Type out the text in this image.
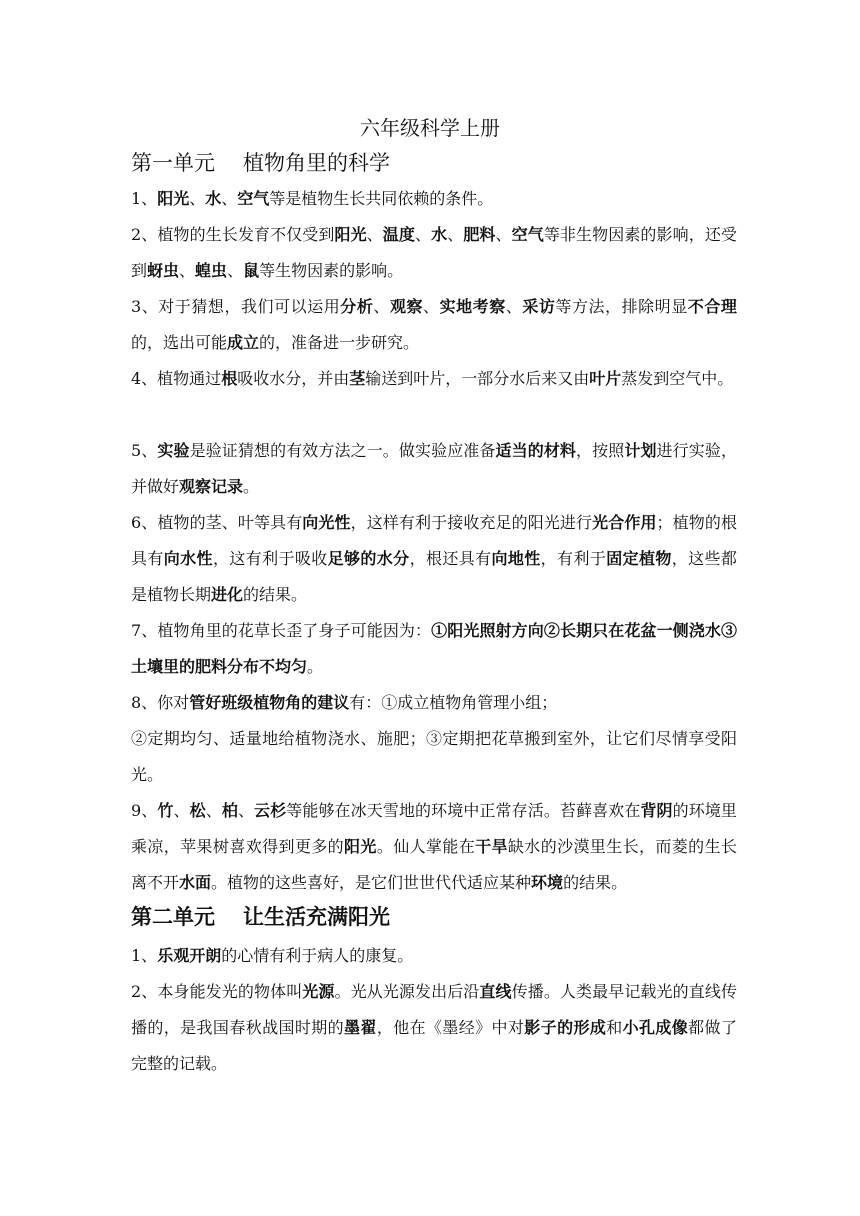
六年级科学上册
第一单元 植物角里的科学
1、阳光、水、空气等是植物生长共同依赖的条件。
2、植物的生长发育不仅受到阳光、温度、水、肥料、空气等非生物因素的影响，还受到蚜虫、蝗虫、鼠等生物因素的影响。
3、对于猜想，我们可以运用分析、观察、实地考察、采访等方法，排除明显不合理的，选出可能成立的，准备进一步研究。
4、植物通过根吸收水分，并由茎输送到叶片，一部分水后来又由叶片蒸发到空气中。
5、实验是验证猜想的有效方法之一。做实验应准备适当的材料，按照计划进行实验，并做好观察记录。
6、植物的茎、叶等具有向光性，这样有利于接收充足的阳光进行光合作用；植物的根具有向水性，这有利于吸收足够的水分，根还具有向地性，有利于固定植物，这些都是植物长期进化的结果。
7、植物角里的花草长歪了身子可能因为：①阳光照射方向②长期只在花盆一侧浇水③土壤里的肥料分布不均匀。
8、你对管好班级植物角的建议有：①成立植物角管理小组；
②定期均匀、适量地给植物浇水、施肥；③定期把花草搬到室外，让它们尽情享受阳光。
9、竹、松、柏、云杉等能够在冰天雪地的环境中正常存活。苔藓喜欢在背阴的环境里乘凉，苹果树喜欢得到更多的阳光。仙人掌能在干旱缺水的沙漠里生长，而菱的生长离不开水面。植物的这些喜好，是它们世世代代适应某种环境的结果。
第二单元 让生活充满阳光
1、乐观开朗的心情有利于病人的康复。
2、本身能发光的物体叫光源。光从光源发出后沿直线传播。人类最早记载光的直线传播的，是我国春秋战国时期的墨翟，他在《墨经》中对影子的形成和小孔成像都做了完整的记载。
